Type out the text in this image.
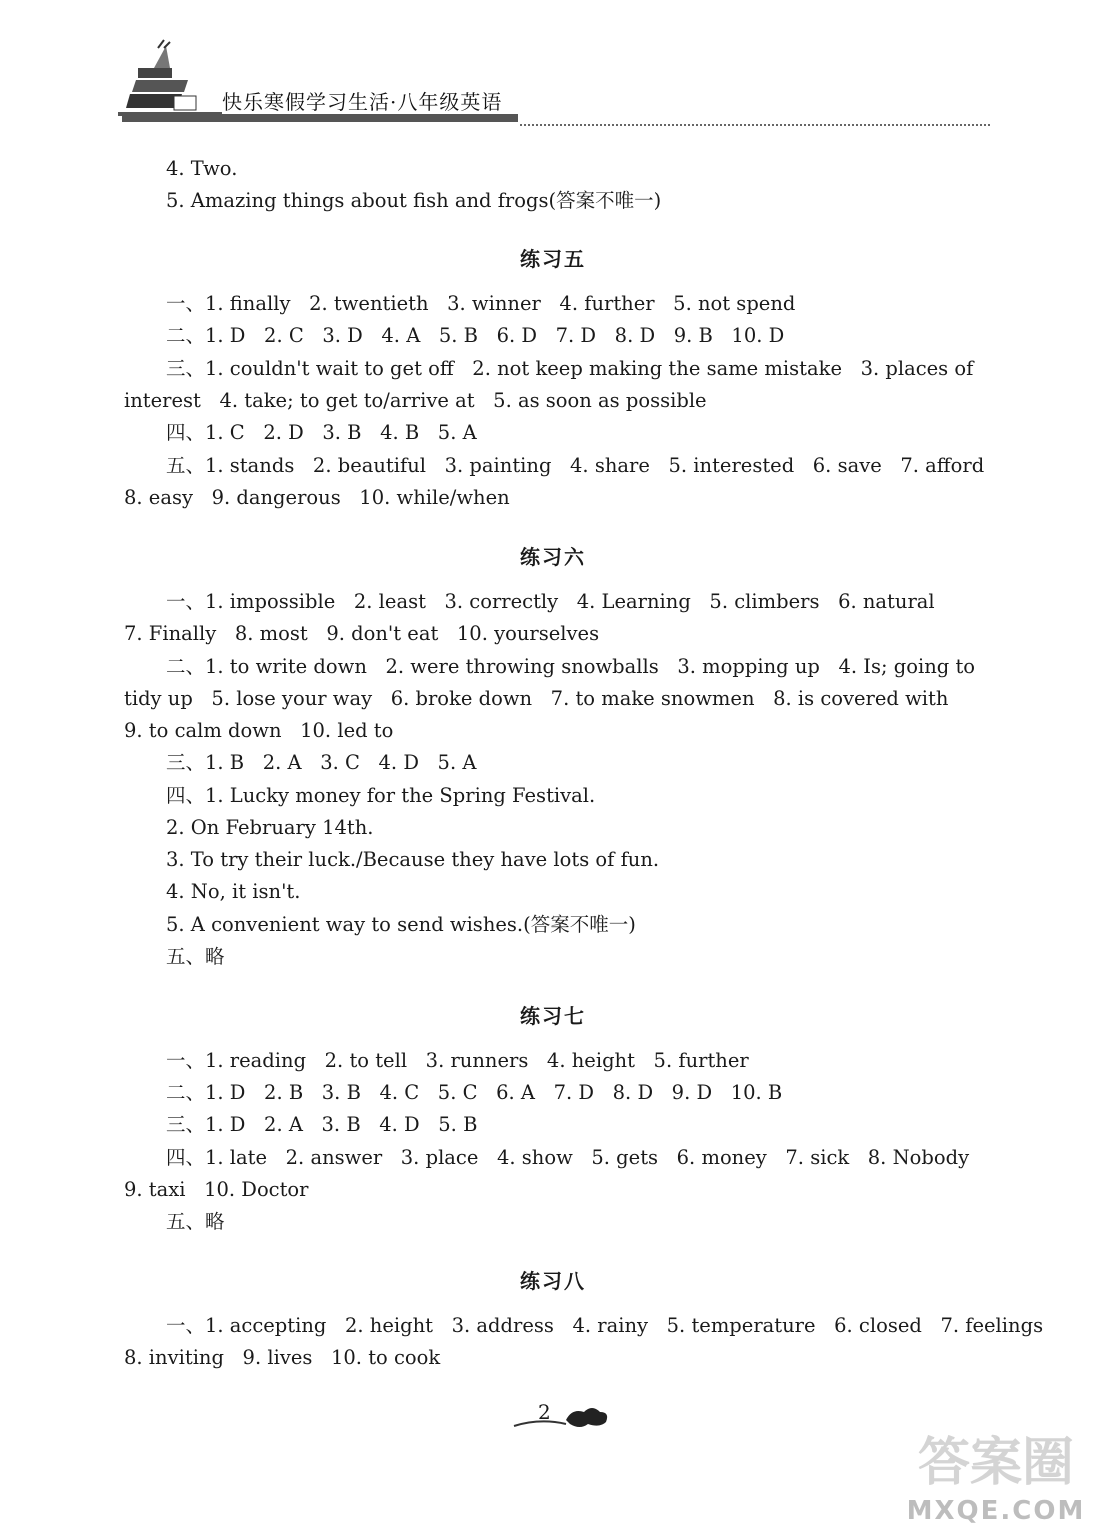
快乐寒假学习生活·八年级英语
4. Two.
5. Amazing things about fish and frogs(答案不唯一)
练习五
一、1. finally   2. twentieth   3. winner   4. further   5. not spend
二、1. D   2. C   3. D   4. A   5. B   6. D   7. D   8. D   9. B   10. D
三、1. couldn't wait to get off   2. not keep making the same mistake   3. places of
interest   4. take; to get to/arrive at   5. as soon as possible
四、1. C   2. D   3. B   4. B   5. A
五、1. stands   2. beautiful   3. painting   4. share   5. interested   6. save   7. afford
8. easy   9. dangerous   10. while/when
练习六
一、1. impossible   2. least   3. correctly   4. Learning   5. climbers   6. natural
7. Finally   8. most   9. don't eat   10. yourselves
二、1. to write down   2. were throwing snowballs   3. mopping up   4. Is; going to
tidy up   5. lose your way   6. broke down   7. to make snowmen   8. is covered with
9. to calm down   10. led to
三、1. B   2. A   3. C   4. D   5. A
四、1. Lucky money for the Spring Festival.
2. On February 14th.
3. To try their luck./Because they have lots of fun.
4. No, it isn't.
5. A convenient way to send wishes.(答案不唯一)
五、略
练习七
一、1. reading   2. to tell   3. runners   4. height   5. further
二、1. D   2. B   3. B   4. C   5. C   6. A   7. D   8. D   9. D   10. B
三、1. D   2. A   3. B   4. D   5. B
四、1. late   2. answer   3. place   4. show   5. gets   6. money   7. sick   8. Nobody
9. taxi   10. Doctor
五、略
练习八
一、1. accepting   2. height   3. address   4. rainy   5. temperature   6. closed   7. feelings
8. inviting   9. lives   10. to cook
2
答案圈
MXQE.COM
